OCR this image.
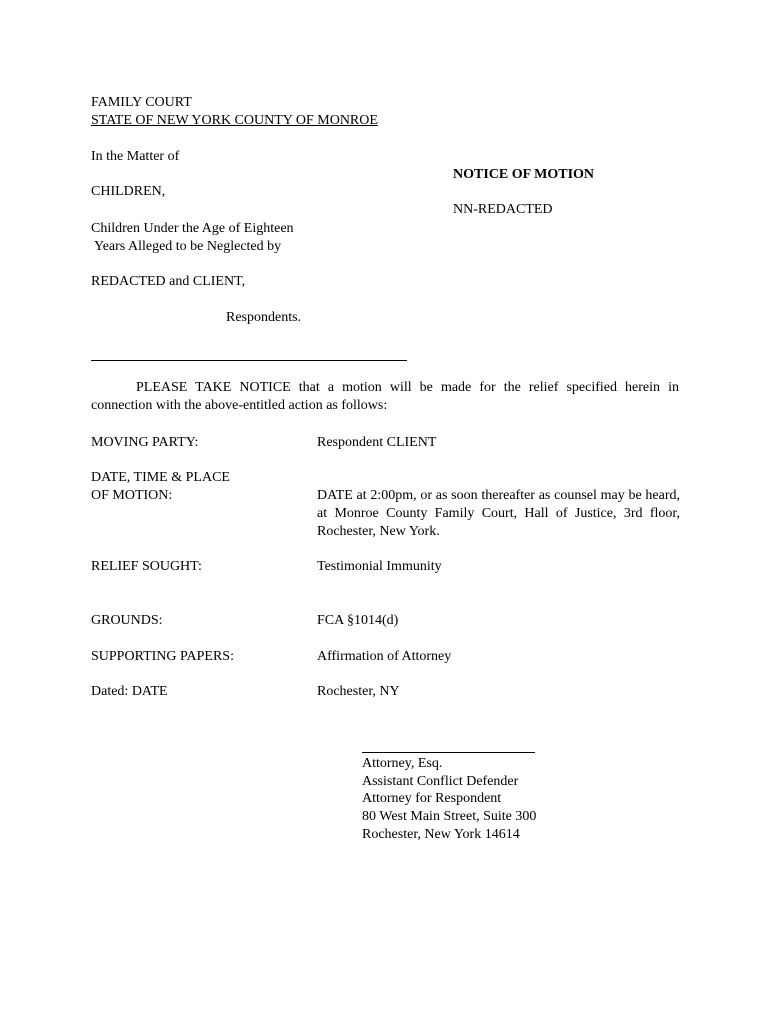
FAMILY COURT
STATE OF NEW YORK COUNTY OF MONROE
In the Matter of
CHILDREN,
Children Under the Age of Eighteen
Years Alleged to be Neglected by
REDACTED and CLIENT,
Respondents.
NOTICE OF MOTION
NN-REDACTED
PLEASE TAKE NOTICE that a motion will be made for the relief specified herein in connection with the above-entitled action as follows:
MOVING PARTY:	Respondent CLIENT
DATE, TIME & PLACE
OF MOTION:	DATE at 2:00pm, or as soon thereafter as counsel may be heard, at Monroe County Family Court, Hall of Justice, 3rd floor, Rochester, New York.
RELIEF SOUGHT:	Testimonial Immunity
GROUNDS:	FCA §1014(d)
SUPPORTING PAPERS:	Affirmation of Attorney
Dated: DATE	Rochester, NY
Attorney, Esq.
Assistant Conflict Defender
Attorney for Respondent
80 West Main Street, Suite 300
Rochester, New York 14614
